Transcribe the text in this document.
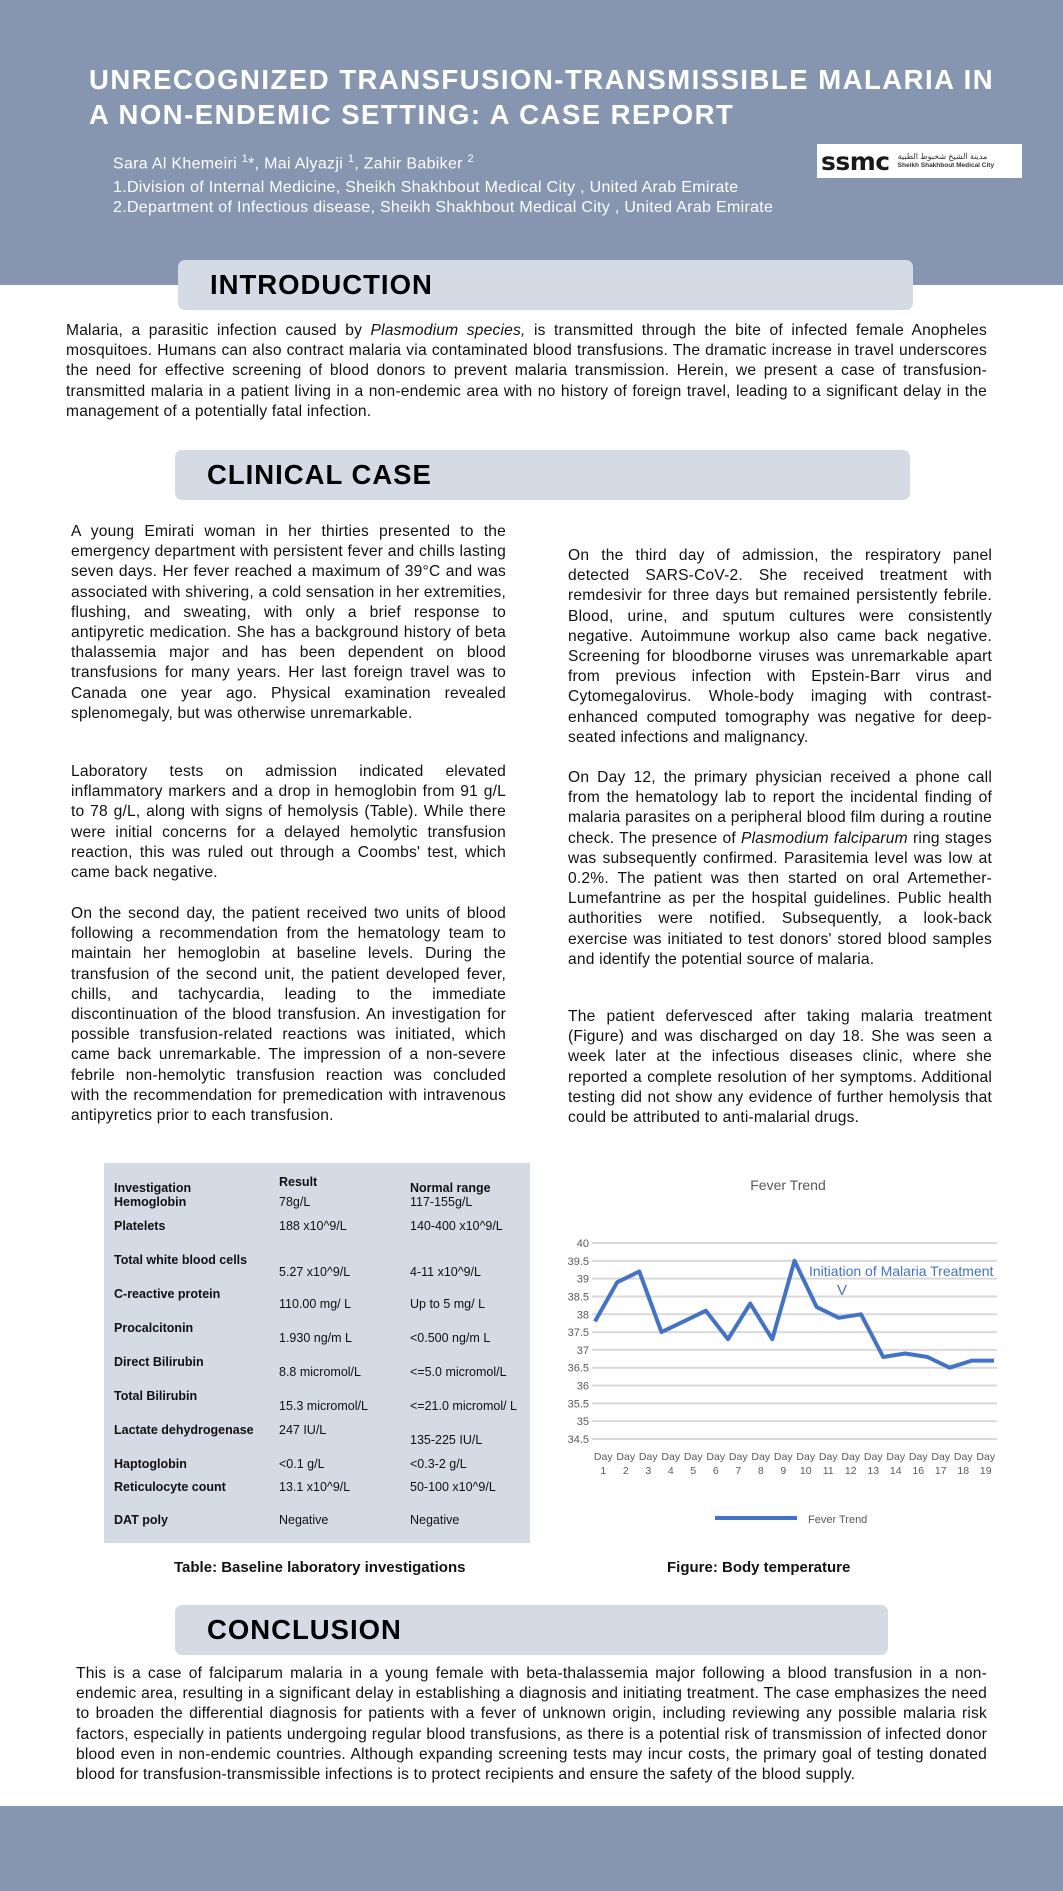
UNRECOGNIZED TRANSFUSION-TRANSMISSIBLE MALARIA IN A NON-ENDEMIC SETTING: A CASE REPORT
Sara Al Khemeiri $^1$*, Mai Alyazji $^1$, Zahir Babiker $^2$
1.Division of Internal Medicine, Sheikh Shakhbout Medical City , United Arab Emirate
2.Department of Infectious disease, Sheikh Shakhbout Medical City , United Arab Emirate
ssmc مدينة الشيخ شخبوط الطبية
Sheikh Shakhbout Medical City
INTRODUCTION

Malaria, a parasitic infection caused by Plasmodium species, is transmitted through the bite of infected female Anopheles mosquitoes. Humans can also contract malaria via contaminated blood transfusions. The dramatic increase in travel underscores the need for effective screening of blood donors to prevent malaria transmission. Herein, we present a case of transfusion-transmitted malaria in a patient living in a non-endemic area with no history of foreign travel, leading to a significant delay in the management of a potentially fatal infection.

CLINICAL CASE

A young Emirati woman in her thirties presented to the emergency department with persistent fever and chills lasting seven days. Her fever reached a maximum of 39°C and was associated with shivering, a cold sensation in her extremities, flushing, and sweating, with only a brief response to antipyretic medication. She has a background history of beta thalassemia major and has been dependent on blood transfusions for many years. Her last foreign travel was to Canada one year ago. Physical examination revealed splenomegaly, but was otherwise unremarkable.

Laboratory tests on admission indicated elevated inflammatory markers and a drop in hemoglobin from 91 g/L to 78 g/L, along with signs of hemolysis (Table). While there were initial concerns for a delayed hemolytic transfusion reaction, this was ruled out through a Coombs' test, which came back negative.

On the second day, the patient received two units of blood following a recommendation from the hematology team to maintain her hemoglobin at baseline levels. During the transfusion of the second unit, the patient developed fever, chills, and tachycardia, leading to the immediate discontinuation of the blood transfusion. An investigation for possible transfusion-related reactions was initiated, which came back unremarkable. The impression of a non-severe febrile non-hemolytic transfusion reaction was concluded with the recommendation for premedication with intravenous antipyretics prior to each transfusion.

On the third day of admission, the respiratory panel detected SARS-CoV-2. She received treatment with remdesivir for three days but remained persistently febrile. Blood, urine, and sputum cultures were consistently negative. Autoimmune workup also came back negative. Screening for bloodborne viruses was unremarkable apart from previous infection with Epstein-Barr virus and Cytomegalovirus. Whole-body imaging with contrast-enhanced computed tomography was negative for deep-seated infections and malignancy.

On Day 12, the primary physician received a phone call from the hematology lab to report the incidental finding of malaria parasites on a peripheral blood film during a routine check. The presence of Plasmodium falciparum ring stages was subsequently confirmed. Parasitemia level was low at 0.2%. The patient was then started on oral Artemether-Lumefantrine as per the hospital guidelines. Public health authorities were notified. Subsequently, a look-back exercise was initiated to test donors' stored blood samples and identify the potential source of malaria.

The patient defervesced after taking malaria treatment (Figure) and was discharged on day 18. She was seen a week later at the infectious diseases clinic, where she reported a complete resolution of her symptoms. Additional testing did not show any evidence of further hemolysis that could be attributed to anti-malarial drugs.

Investigation	Result	Normal range
Hemoglobin	78g/L	117-155g/L
Platelets	188 x10^9/L	140-400 x10^9/L
Total white blood cells	5.27 x10^9/L	4-11 x10^9/L
C-reactive protein	110.00 mg/ L	Up to 5 mg/ L
Procalcitonin	1.930 ng/m L	<0.500 ng/m L
Direct Bilirubin	8.8 micromol/L	<=5.0 micromol/L
Total Bilirubin	15.3 micromol/L	<=21.0 micromol/ L
Lactate dehydrogenase	247 IU/L	135-225 IU/L
Haptoglobin	<0.1 g/L	<0.3-2 g/L
Reticulocyte count	13.1 x10^9/L	50-100 x10^9/L
DAT poly	Negative	Negative
Table: Baseline laboratory investigations
Fever Trend
40
39.5
39
38.5
38
37.5
37
36.5
36
35.5
35
34.5
Day 1
Day 2
Day 3
Day 4
Day 5
Day 6
Day 7
Day 8
Day 9
Day 10
Day 11
Day 12
Day 13
Day 14
Day 16
Day 17
Day 18
Day 19
Initiation of Malaria Treatment
V
Fever Trend
Figure: Body temperature
CONCLUSION

This is a case of falciparum malaria in a young female with beta-thalassemia major following a blood transfusion in a non-endemic area, resulting in a significant delay in establishing a diagnosis and initiating treatment. The case emphasizes the need to broaden the differential diagnosis for patients with a fever of unknown origin, including reviewing any possible malaria risk factors, especially in patients undergoing regular blood transfusions, as there is a potential risk of transmission of infected donor blood even in non-endemic countries. Although expanding screening tests may incur costs, the primary goal of testing donated blood for transfusion-transmissible infections is to protect recipients and ensure the safety of the blood supply.
